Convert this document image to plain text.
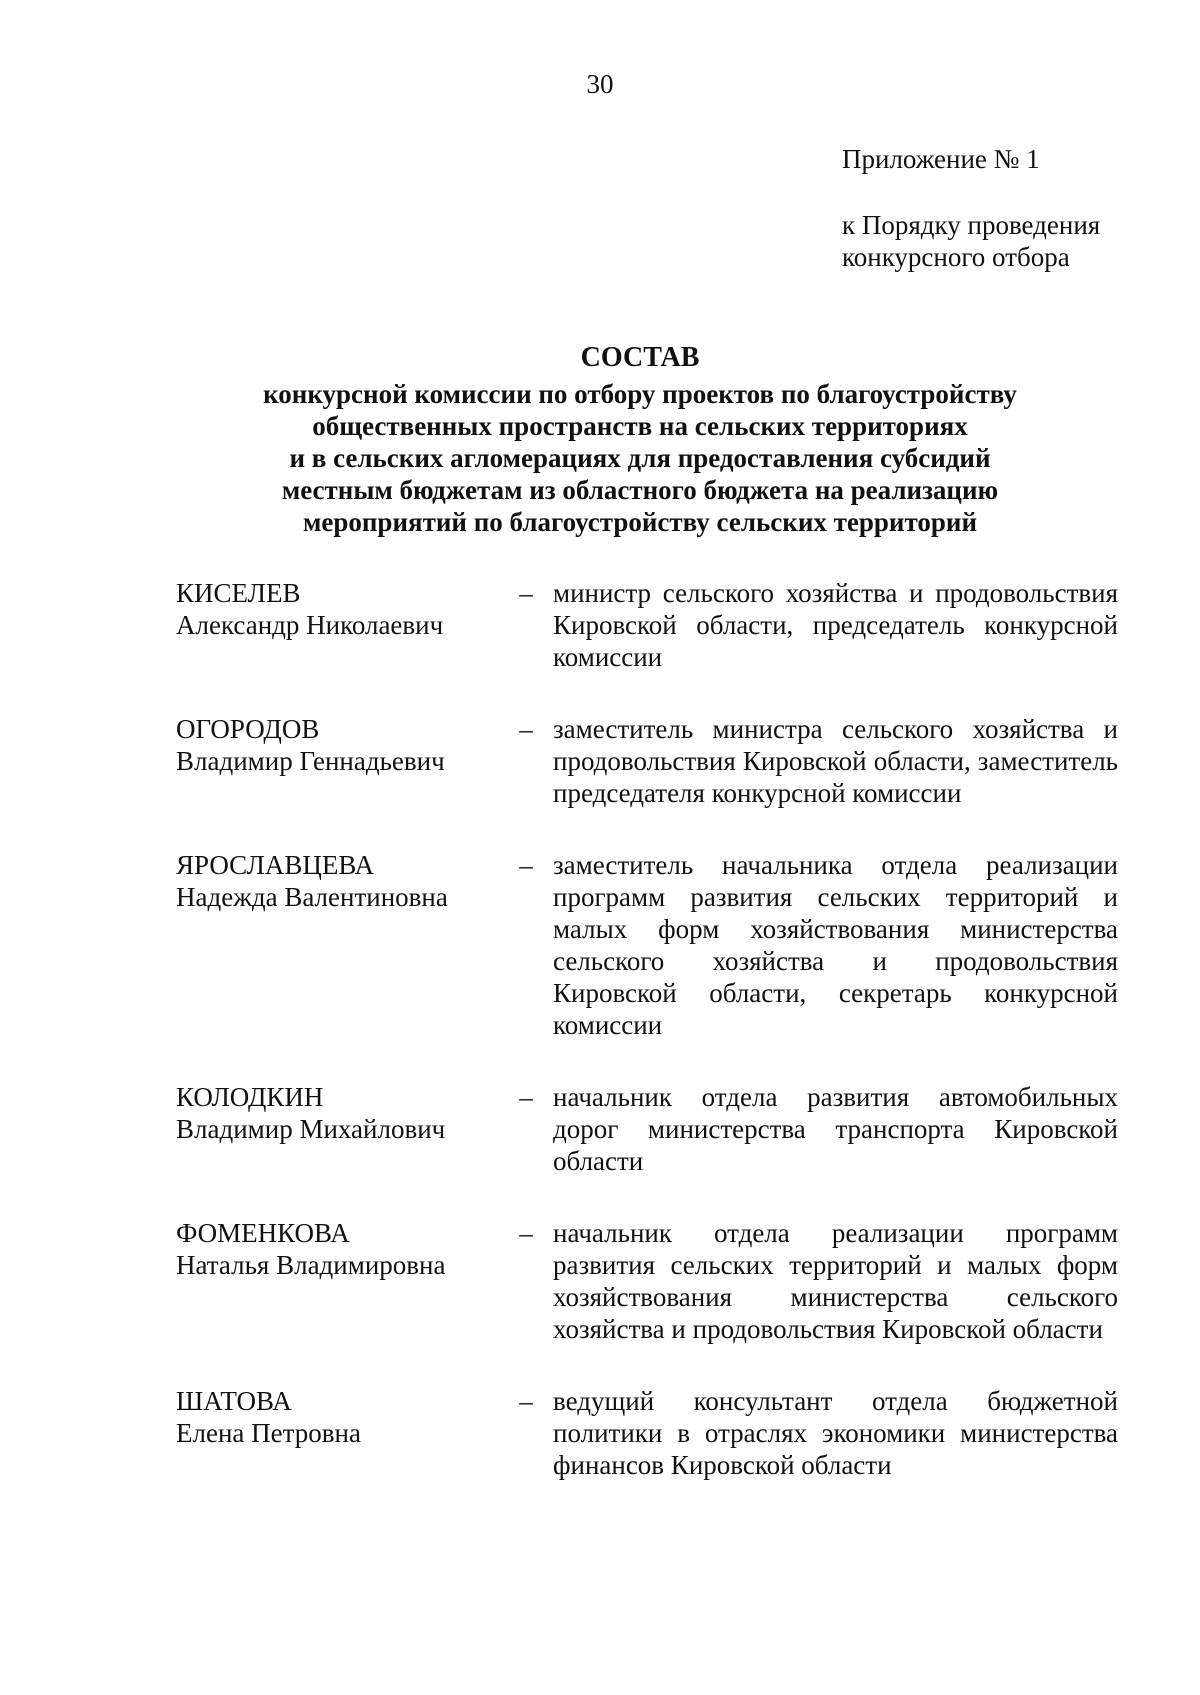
30
Приложение № 1
к Порядку проведения
конкурсного отбора
СОСТАВ
конкурсной комиссии по отбору проектов по благоустройству
общественных пространств на сельских территориях
и в сельских агломерациях для предоставления субсидий
местным бюджетам из областного бюджета на реализацию
мероприятий по благоустройству сельских территорий
КИСЕЛЕВ
Александр Николаевич
– министр сельского хозяйства и продовольствия Кировской области, председатель конкурсной комиссии
ОГОРОДОВ
Владимир Геннадьевич
– заместитель министра сельского хозяйства и продовольствия Кировской области, заместитель председателя конкурсной комиссии
ЯРОСЛАВЦЕВА
Надежда Валентиновна
– заместитель начальника отдела реализации программ развития сельских территорий и малых форм хозяйствования министерства сельского хозяйства и продовольствия Кировской области, секретарь конкурсной комиссии
КОЛОДКИН
Владимир Михайлович
– начальник отдела развития автомобильных дорог министерства транспорта Кировской области
ФОМЕНКОВА
Наталья Владимировна
– начальник отдела реализации программ развития сельских территорий и малых форм хозяйствования министерства сельского хозяйства и продовольствия Кировской области
ШАТОВА
Елена Петровна
– ведущий консультант отдела бюджетной политики в отраслях экономики министерства финансов Кировской области
